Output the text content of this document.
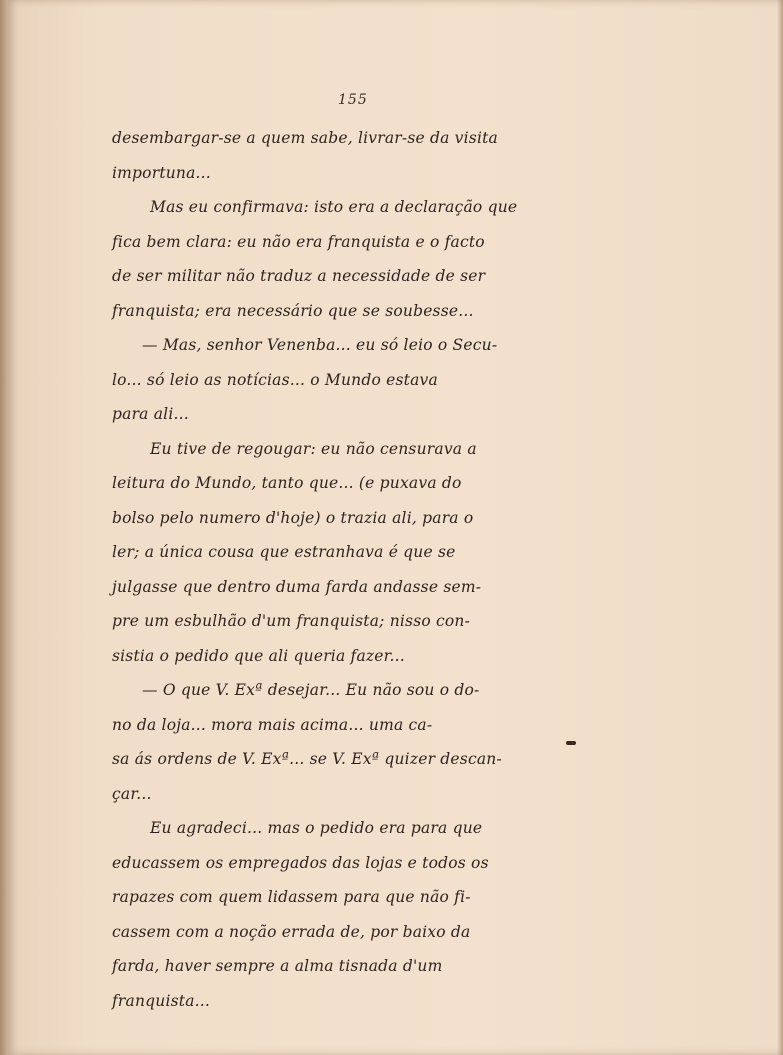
155
desembargar-se a quem sabe, livrar-se da visita
importuna...
Mas eu confirmava: isto era a declaração que
fica bem clara: eu não era franquista e o facto
de ser militar não traduz a necessidade de ser
franquista; era necessário que se soubesse...
— Mas, senhor Venenba... eu só leio o Secu-
lo... só leio as notícias... o Mundo estava
para ali...
Eu tive de regougar: eu não censurava a
leitura do Mundo, tanto que... (e puxava do
bolso pelo numero d'hoje) o trazia ali, para o
ler; a única cousa que estranhava é que se
julgasse que dentro duma farda andasse sem-
pre um esbulhão d'um franquista; nisso con-
sistia o pedido que ali queria fazer...
— O que V. Exª desejar... Eu não sou o do-
no da loja... mora mais acima... uma ca-
sa ás ordens de V. Exª... se V. Exª quizer descan-
çar...
Eu agradeci... mas o pedido era para que
educassem os empregados das lojas e todos os
rapazes com quem lidassem para que não fi-
cassem com a noção errada de, por baixo da
farda, haver sempre a alma tisnada d'um
franquista...
